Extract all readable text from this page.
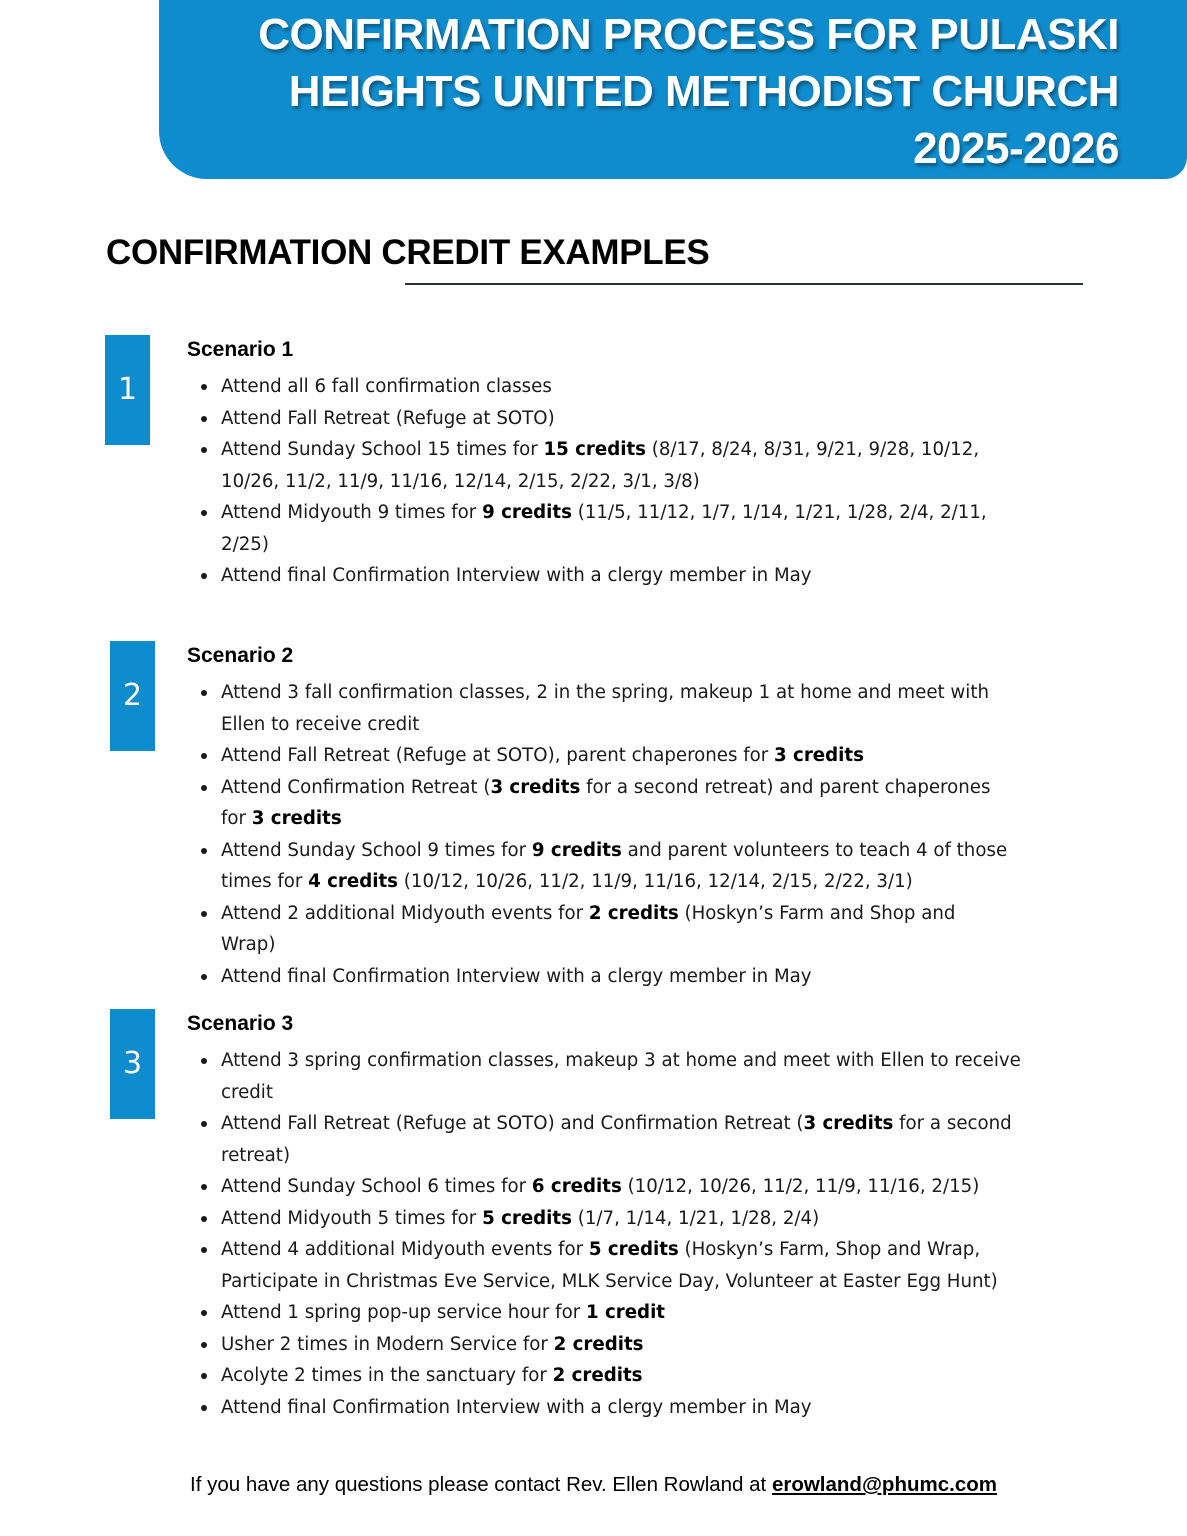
CONFIRMATION PROCESS FOR PULASKI
HEIGHTS UNITED METHODIST CHURCH
2025-2026
CONFIRMATION CREDIT EXAMPLES
1
Scenario 1
Attend all 6 fall confirmation classes
Attend Fall Retreat (Refuge at SOTO)
Attend Sunday School 15 times for 15 credits (8/17, 8/24, 8/31, 9/21, 9/28, 10/12,
10/26, 11/2, 11/9, 11/16, 12/14, 2/15, 2/22, 3/1, 3/8)
Attend Midyouth 9 times for 9 credits (11/5, 11/12, 1/7, 1/14, 1/21, 1/28, 2/4, 2/11,
2/25)
Attend final Confirmation Interview with a clergy member in May
2
Scenario 2
Attend 3 fall confirmation classes, 2 in the spring, makeup 1 at home and meet with
Ellen to receive credit
Attend Fall Retreat (Refuge at SOTO), parent chaperones for 3 credits
Attend Confirmation Retreat (3 credits for a second retreat) and parent chaperones
for 3 credits
Attend Sunday School 9 times for 9 credits and parent volunteers to teach 4 of those
times for 4 credits (10/12, 10/26, 11/2, 11/9, 11/16, 12/14, 2/15, 2/22, 3/1)
Attend 2 additional Midyouth events for 2 credits (Hoskyn’s Farm and Shop and
Wrap)
Attend final Confirmation Interview with a clergy member in May
3
Scenario 3
Attend 3 spring confirmation classes, makeup 3 at home and meet with Ellen to receive
credit
Attend Fall Retreat (Refuge at SOTO) and Confirmation Retreat (3 credits for a second
retreat)
Attend Sunday School 6 times for 6 credits (10/12, 10/26, 11/2, 11/9, 11/16, 2/15)
Attend Midyouth 5 times for 5 credits (1/7, 1/14, 1/21, 1/28, 2/4)
Attend 4 additional Midyouth events for 5 credits (Hoskyn’s Farm, Shop and Wrap,
Participate in Christmas Eve Service, MLK Service Day, Volunteer at Easter Egg Hunt)
Attend 1 spring pop-up service hour for 1 credit
Usher 2 times in Modern Service for 2 credits
Acolyte 2 times in the sanctuary for 2 credits
Attend final Confirmation Interview with a clergy member in May
If you have any questions please contact Rev. Ellen Rowland at erowland@phumc.com
